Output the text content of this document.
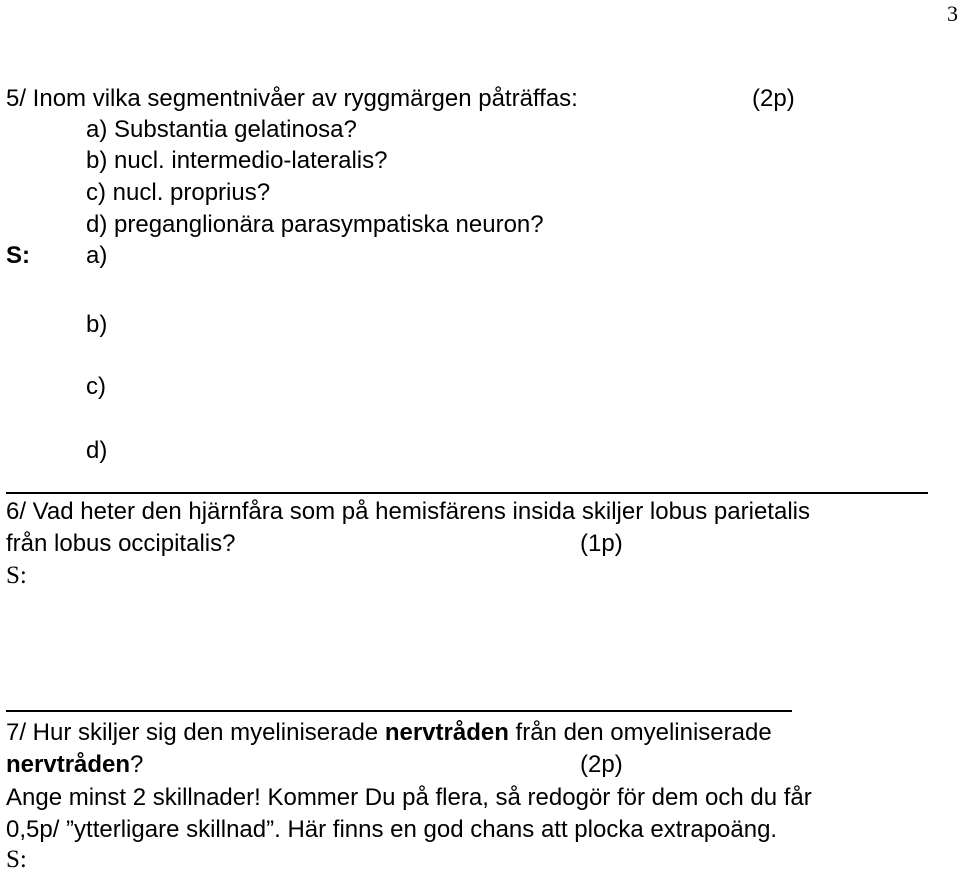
3
5/ Inom vilka segmentnivåer av ryggmärgen påträffas:	(2p)
a) Substantia gelatinosa?
b) nucl. intermedio-lateralis?
c) nucl. proprius?
d) preganglionära parasympatiska neuron?
S: a)
b)
c)
d)
6/ Vad heter den hjärnfåra som på hemisfärens insida skiljer lobus parietalis
från lobus occipitalis?	(1p)
S:
7/ Hur skiljer sig den myeliniserade nervtråden från den omyeliniserade
nervtråden?	(2p)
Ange minst 2 skillnader! Kommer Du på flera, så redogör för dem och du får
0,5p/ ”ytterligare skillnad”. Här finns en god chans att plocka extrapoäng.
S:
